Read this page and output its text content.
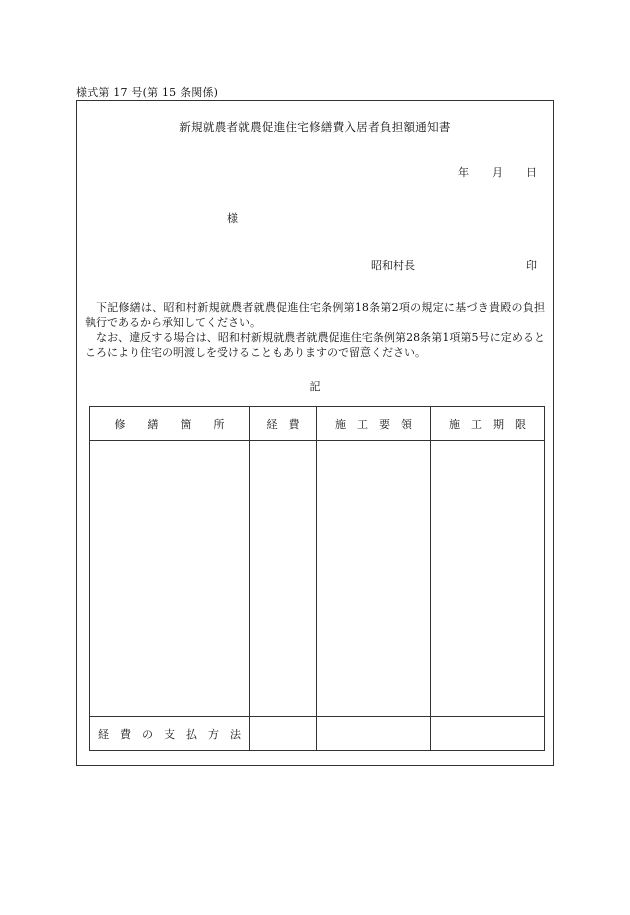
様式第 17 号(第 15 条関係)
新規就農者就農促進住宅修繕費入居者負担額通知書
年	月	日
様
昭和村長	印

下記修繕は、昭和村新規就農者就農促進住宅条例第18条第2項の規定に基づき貴殿の負担執行であるから承知してください。

なお、違反する場合は、昭和村新規就農者就農促進住宅条例第28条第1項第5号に定めるところにより住宅の明渡しを受けることもありますので留意ください。

記
修　　繕　　箇　　所	経　費	施　工　要　領	施　工　期　限

経　費　の　支　払　方　法			
